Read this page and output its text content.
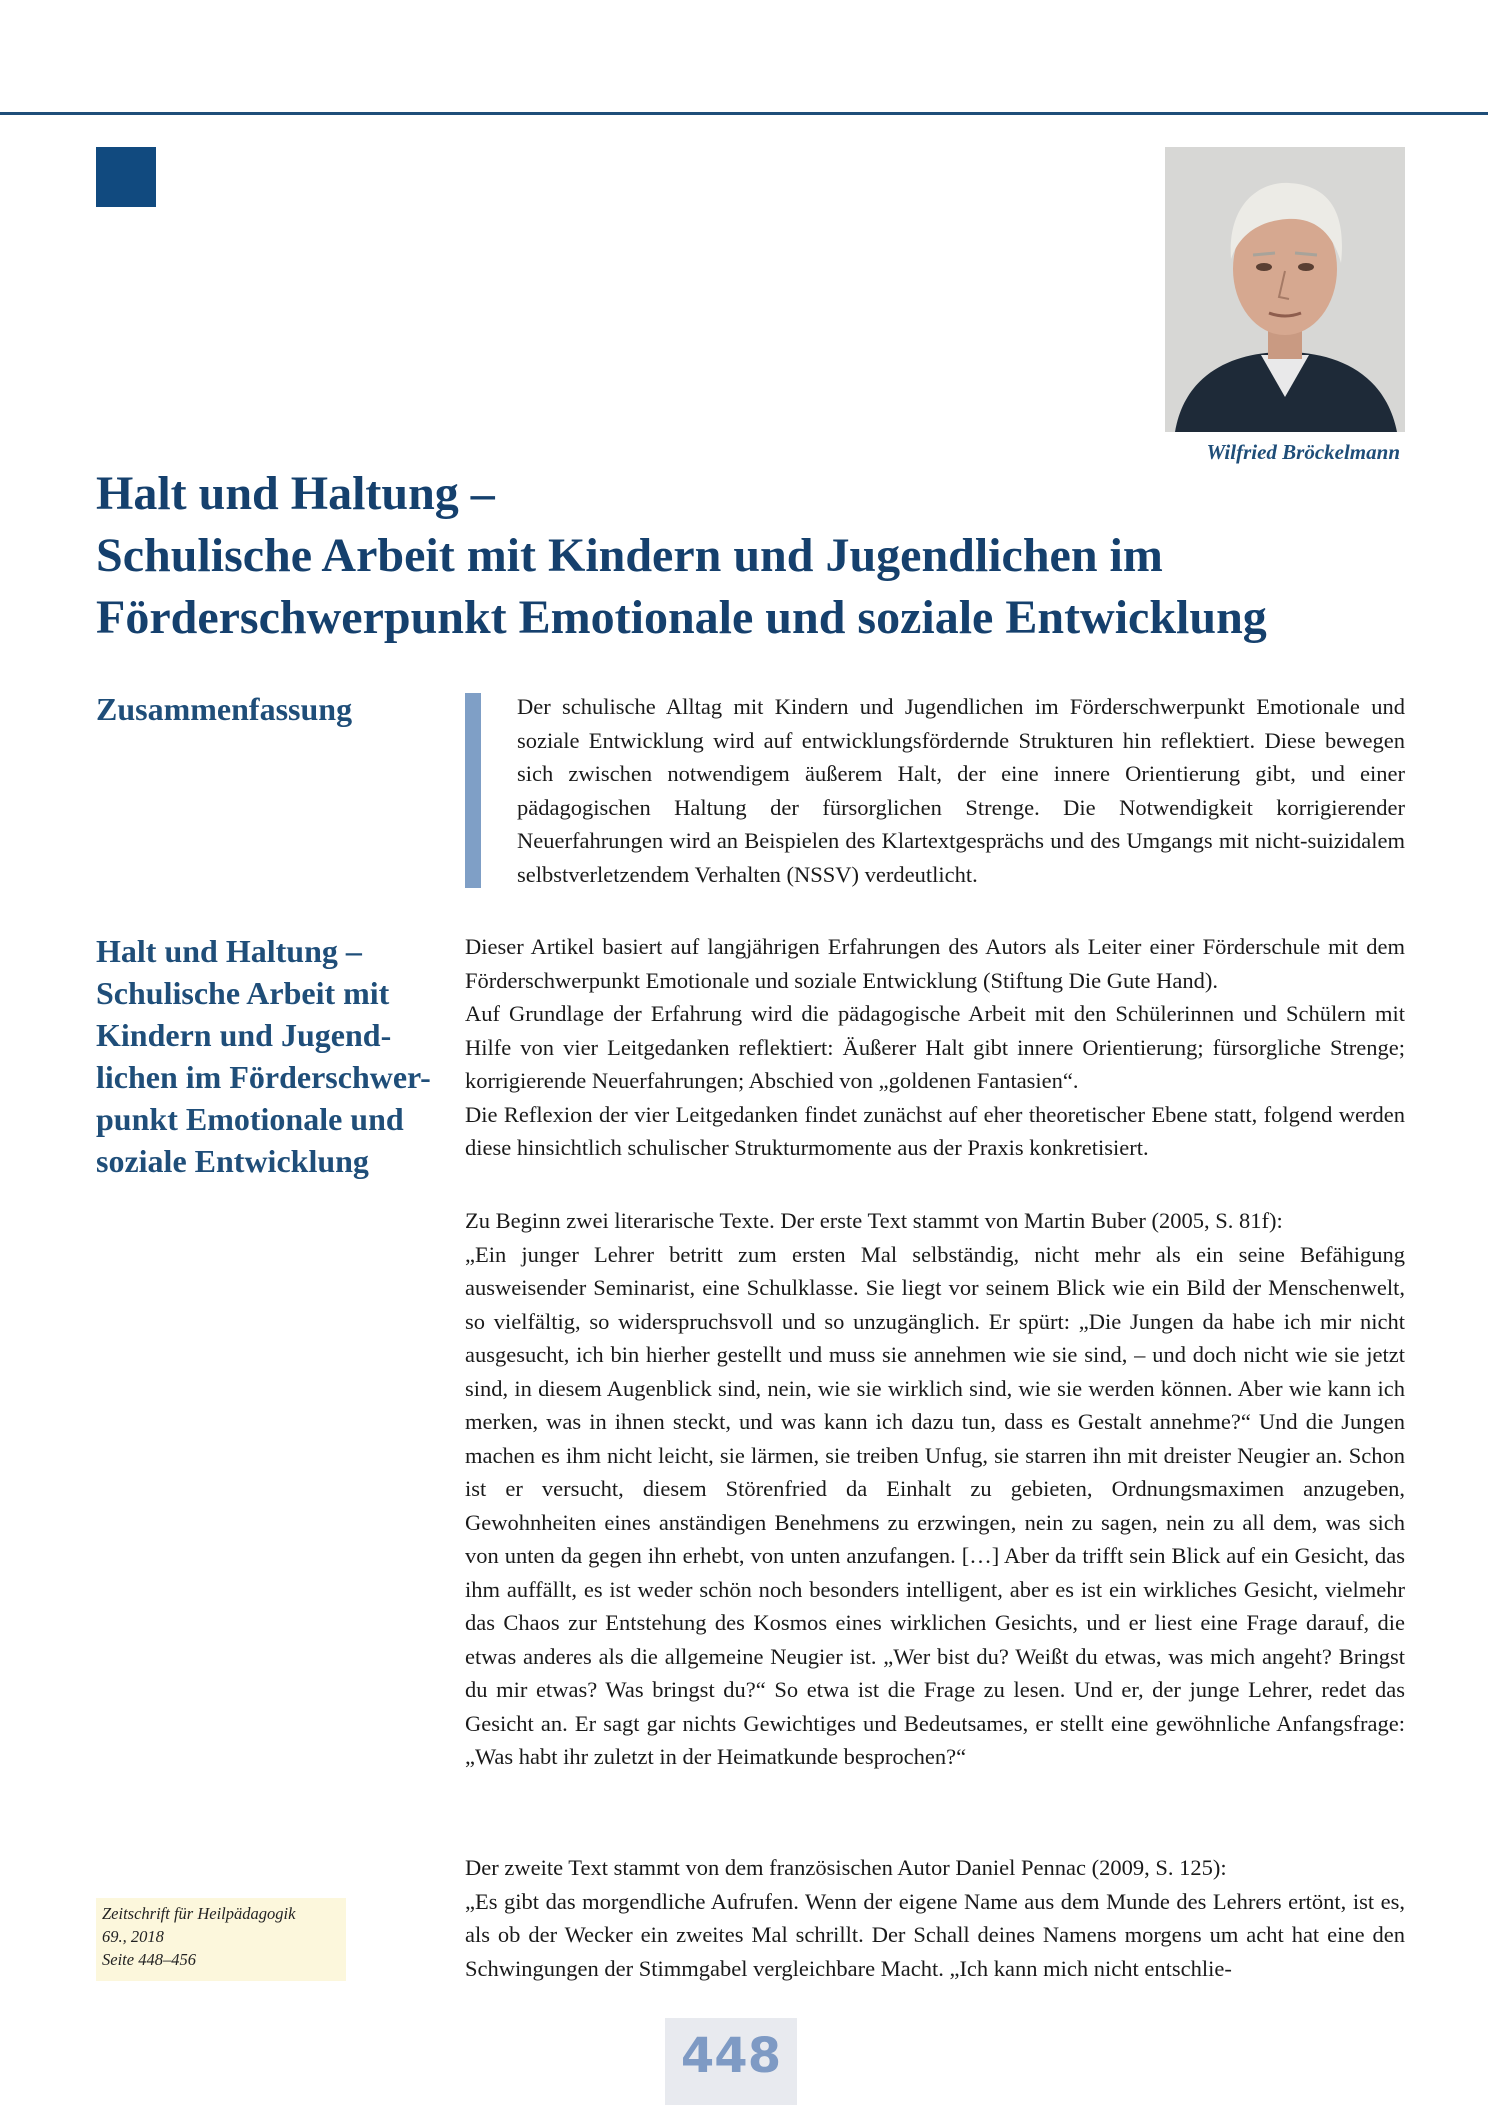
Wilfried Bröckelmann
Halt und Haltung –
Schulische Arbeit mit Kindern und Jugendlichen im
Förderschwerpunkt Emotionale und soziale Entwicklung
Zusammenfassung	Der schulische Alltag mit Kindern und Jugendlichen im Förderschwerpunkt Emotionale und soziale Entwicklung wird auf entwicklungsfördernde Strukturen hin reflektiert. Diese bewegen sich zwischen notwendigem äußerem Halt, der eine innere Orientierung gibt, und einer pädagogischen Haltung der fürsorglichen Strenge. Die Notwendigkeit korrigierender Neuerfahrungen wird an Beispielen des Klartextgesprächs und des Umgangs mit nicht-suizidalem selbstverletzendem Verhalten (NSSV) verdeutlicht.

Halt und Haltung –
Schulische Arbeit mit
Kindern und Jugend-
lichen im Förderschwer-
punkt Emotionale und
soziale Entwicklung

Dieser Artikel basiert auf langjährigen Erfahrungen des Autors als Leiter einer Förderschule mit dem Förderschwerpunkt Emotionale und soziale Entwicklung (Stiftung Die Gute Hand).

Auf Grundlage der Erfahrung wird die pädagogische Arbeit mit den Schülerinnen und Schülern mit Hilfe von vier Leitgedanken reflektiert: Äußerer Halt gibt innere Orientierung; fürsorgliche Strenge; korrigierende Neuerfahrungen; Abschied von „goldenen Fantasien“.

Die Reflexion der vier Leitgedanken findet zunächst auf eher theoretischer Ebene statt, folgend werden diese hinsichtlich schulischer Strukturmomente aus der Praxis konkretisiert.

Zu Beginn zwei literarische Texte. Der erste Text stammt von Martin Buber (2005, S. 81f):

„Ein junger Lehrer betritt zum ersten Mal selbständig, nicht mehr als ein seine Befähigung ausweisender Seminarist, eine Schulklasse. Sie liegt vor seinem Blick wie ein Bild der Menschenwelt, so vielfältig, so widerspruchsvoll und so unzugänglich. Er spürt: „Die Jungen da habe ich mir nicht ausgesucht, ich bin hierher gestellt und muss sie annehmen wie sie sind, – und doch nicht wie sie jetzt sind, in diesem Augenblick sind, nein, wie sie wirklich sind, wie sie werden können. Aber wie kann ich merken, was in ihnen steckt, und was kann ich dazu tun, dass es Gestalt annehme?“ Und die Jungen machen es ihm nicht leicht, sie lärmen, sie treiben Unfug, sie starren ihn mit dreister Neugier an. Schon ist er versucht, diesem Störenfried da Einhalt zu gebieten, Ordnungsmaximen anzugeben, Gewohnheiten eines anständigen Benehmens zu erzwingen, nein zu sagen, nein zu all dem, was sich von unten da gegen ihn erhebt, von unten anzufangen. […] Aber da trifft sein Blick auf ein Gesicht, das ihm auffällt, es ist weder schön noch besonders intelligent, aber es ist ein wirkliches Gesicht, vielmehr das Chaos zur Entstehung des Kosmos eines wirklichen Gesichts, und er liest eine Frage darauf, die etwas anderes als die allgemeine Neugier ist. „Wer bist du? Weißt du etwas, was mich angeht? Bringst du mir etwas? Was bringst du?“ So etwa ist die Frage zu lesen. Und er, der junge Lehrer, redet das Gesicht an. Er sagt gar nichts Gewichtiges und Bedeutsames, er stellt eine gewöhnliche Anfangsfrage: „Was habt ihr zuletzt in der Heimatkunde besprochen?“

Der zweite Text stammt von dem französischen Autor Daniel Pennac (2009, S. 125):

„Es gibt das morgendliche Aufrufen. Wenn der eigene Name aus dem Munde des Lehrers ertönt, ist es, als ob der Wecker ein zweites Mal schrillt. Der Schall deines Namens morgens um acht hat eine den Schwingungen der Stimmgabel vergleichbare Macht. „Ich kann mich nicht entschlie-

Zeitschrift für Heilpädagogik
69., 2018
Seite 448–456
448
